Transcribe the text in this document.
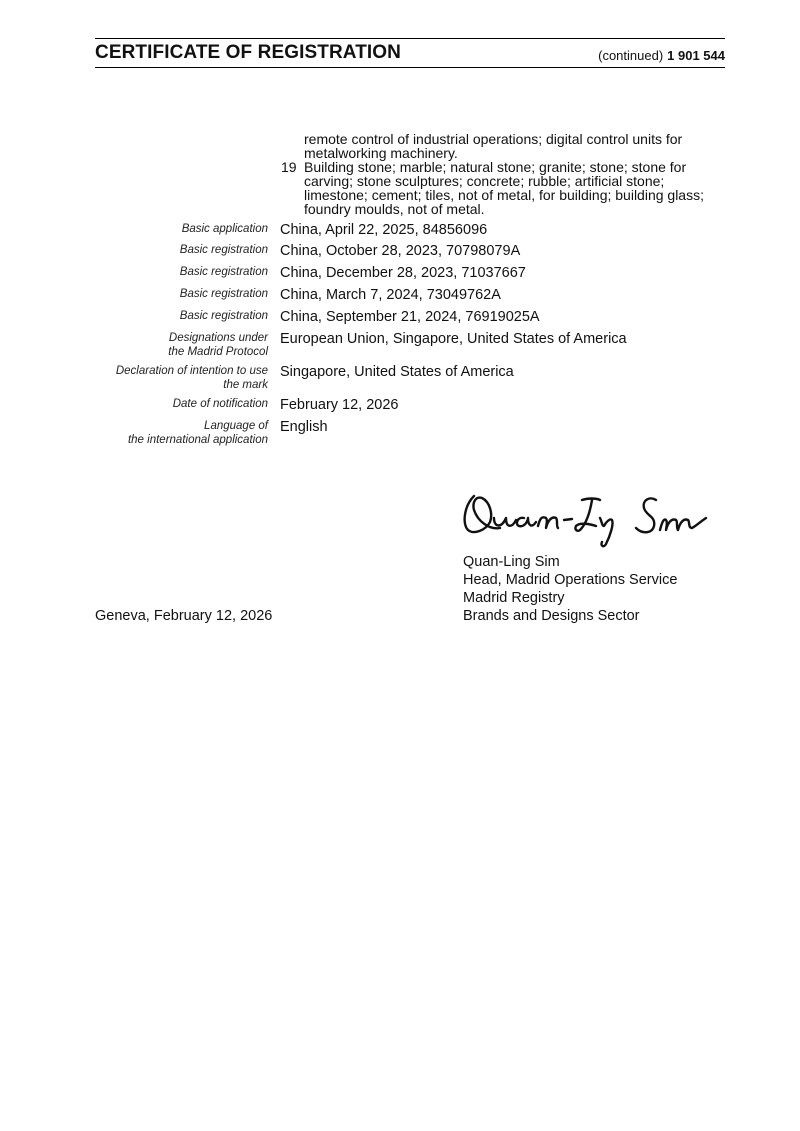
CERTIFICATE OF REGISTRATION	(continued) 1 901 544
remote control of industrial operations; digital control units for metalworking machinery.
19 Building stone; marble; natural stone; granite; stone; stone for carving; stone sculptures; concrete; rubble; artificial stone; limestone; cement; tiles, not of metal, for building; building glass; foundry moulds, not of metal.
Basic application China, April 22, 2025, 84856096
Basic registration China, October 28, 2023, 70798079A
Basic registration China, December 28, 2023, 71037667
Basic registration China, March 7, 2024, 73049762A
Basic registration China, September 21, 2024, 76919025A
Designations under
the Madrid Protocol
European Union, Singapore, United States of America
Declaration of intention to use
the mark
Singapore, United States of America
Date of notification February 12, 2026
Language of
the international application
English
Quan-Ling Sim
Head, Madrid Operations Service
Madrid Registry
Brands and Designs Sector
Geneva, February 12, 2026
